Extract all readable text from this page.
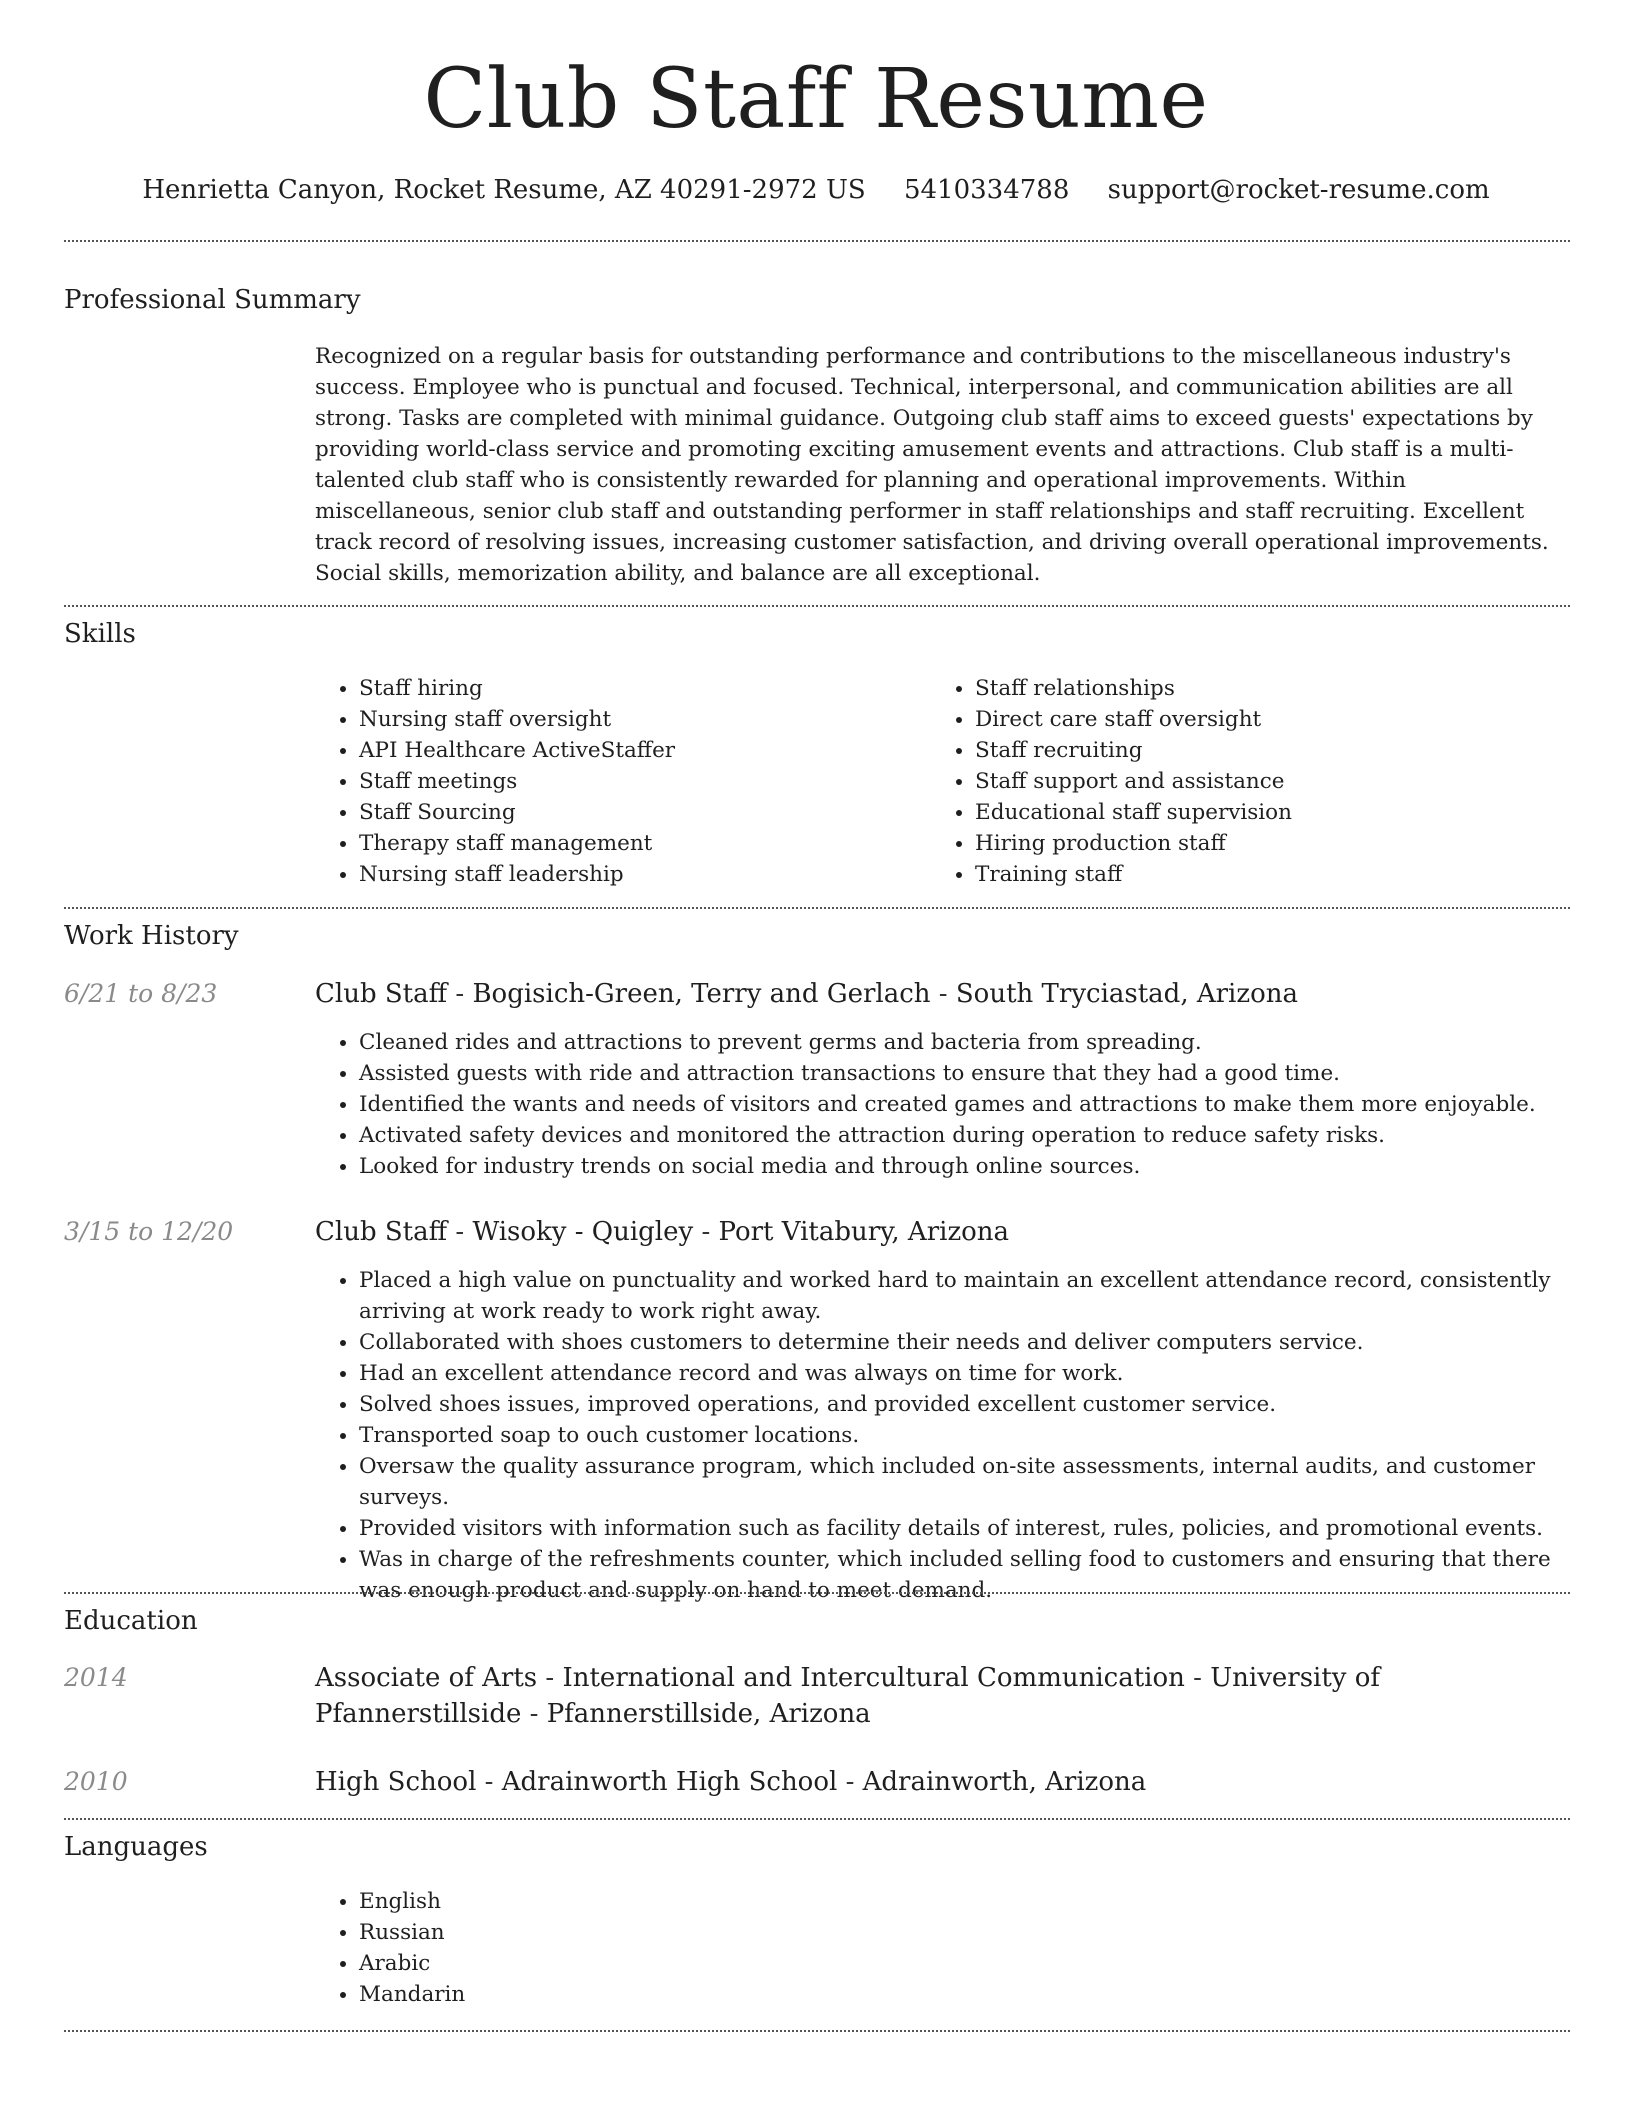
Club Staff Resume
Henrietta Canyon, Rocket Resume, AZ 40291-2972 US 5410334788 support@rocket-resume.com
Professional Summary

Recognized on a regular basis for outstanding performance and contributions to the miscellaneous industry's success. Employee who is punctual and focused. Technical, interpersonal, and communication abilities are all strong. Tasks are completed with minimal guidance. Outgoing club staff aims to exceed guests' expectations by providing world-class service and promoting exciting amusement events and attractions. Club staff is a multi-talented club staff who is consistently rewarded for planning and operational improvements. Within miscellaneous, senior club staff and outstanding performer in staff relationships and staff recruiting. Excellent track record of resolving issues, increasing customer satisfaction, and driving overall operational improvements. Social skills, memorization ability, and balance are all exceptional.

Skills
• Staff hiring
• Nursing staff oversight
• API Healthcare ActiveStaffer
• Staff meetings
• Staff Sourcing
• Therapy staff management
• Nursing staff leadership
• Staff relationships
• Direct care staff oversight
• Staff recruiting
• Staff support and assistance
• Educational staff supervision
• Hiring production staff
• Training staff
Work History
6/21 to 8/23	Club Staff - Bogisich-Green, Terry and Gerlach - South Tryciastad, Arizona
• Cleaned rides and attractions to prevent germs and bacteria from spreading.
• Assisted guests with ride and attraction transactions to ensure that they had a good time.
• Identified the wants and needs of visitors and created games and attractions to make them more enjoyable.
• Activated safety devices and monitored the attraction during operation to reduce safety risks.
• Looked for industry trends on social media and through online sources.
3/15 to 12/20	Club Staff - Wisoky - Quigley - Port Vitabury, Arizona
• Placed a high value on punctuality and worked hard to maintain an excellent attendance record, consistently arriving at work ready to work right away.
• Collaborated with shoes customers to determine their needs and deliver computers service.
• Had an excellent attendance record and was always on time for work.
• Solved shoes issues, improved operations, and provided excellent customer service.
• Transported soap to ouch customer locations.
• Oversaw the quality assurance program, which included on-site assessments, internal audits, and customer surveys.
• Provided visitors with information such as facility details of interest, rules, policies, and promotional events.
• Was in charge of the refreshments counter, which included selling food to customers and ensuring that there was enough product and supply on hand to meet demand.
Education
2014	Associate of Arts - International and Intercultural Communication - University of Pfannerstillside - Pfannerstillside, Arizona
2010	High School - Adrainworth High School - Adrainworth, Arizona
Languages
• English
• Russian
• Arabic
• Mandarin
